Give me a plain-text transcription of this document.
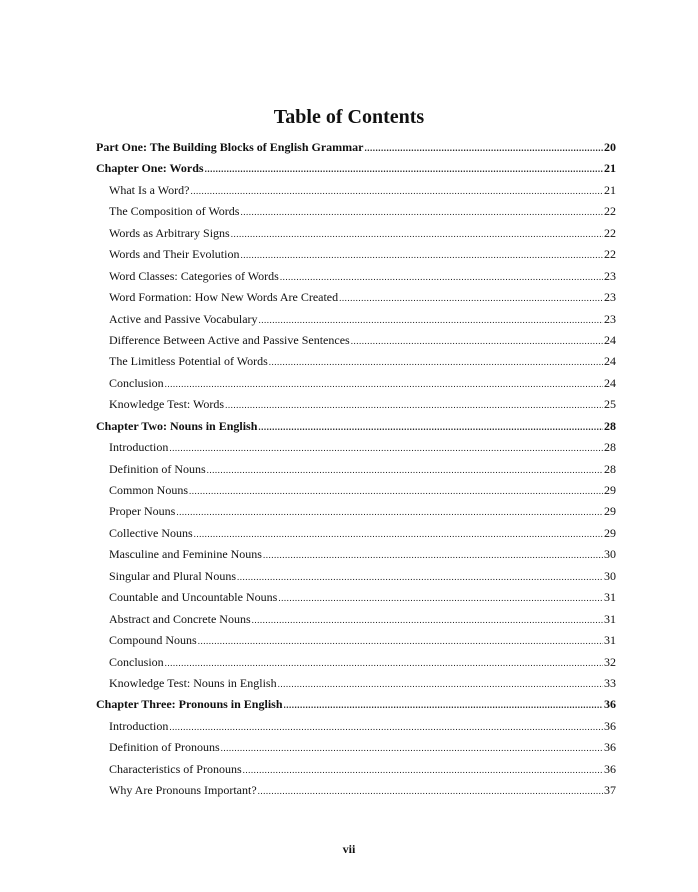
Table of Contents
Part One: The Building Blocks of English Grammar .....	20
Chapter One: Words .....	21
What Is a Word? .....	21
The Composition of Words .....	22
Words as Arbitrary Signs .....	22
Words and Their Evolution .....	22
Word Classes: Categories of Words .....	23
Word Formation: How New Words Are Created .....	23
Active and Passive Vocabulary .....	23
Difference Between Active and Passive Sentences .....	24
The Limitless Potential of Words .....	24
Conclusion .....	24
Knowledge Test: Words .....	25
Chapter Two: Nouns in English .....	28
Introduction .....	28
Definition of Nouns .....	28
Common Nouns .....	29
Proper Nouns .....	29
Collective Nouns .....	29
Masculine and Feminine Nouns .....	30
Singular and Plural Nouns .....	30
Countable and Uncountable Nouns .....	31
Abstract and Concrete Nouns .....	31
Compound Nouns .....	31
Conclusion .....	32
Knowledge Test: Nouns in English .....	33
Chapter Three: Pronouns in English .....	36
Introduction .....	36
Definition of Pronouns .....	36
Characteristics of Pronouns .....	36
Why Are Pronouns Important? .....	37
vii
